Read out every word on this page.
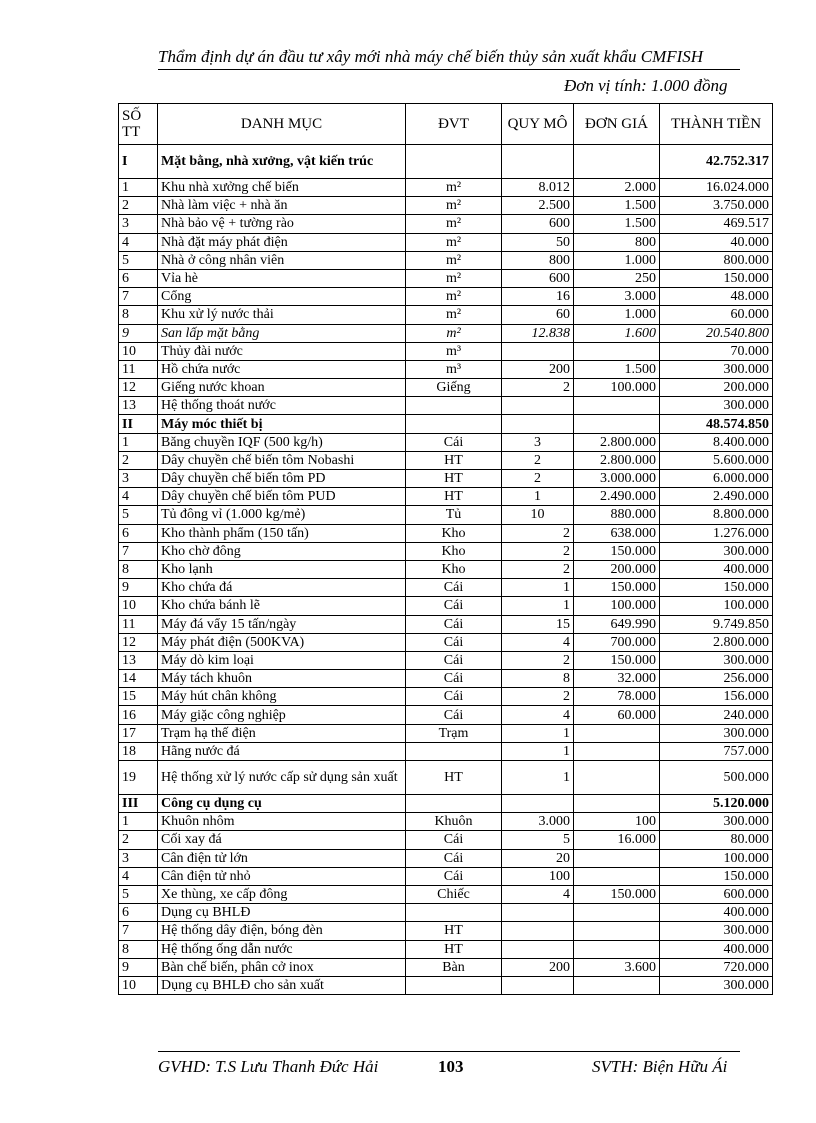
Thẩm định dự án đầu tư xây mới nhà máy chế biến thủy sản xuất khẩu CMFISH
Đơn vị tính: 1.000 đồng
SỐ TT	DANH MỤC	ĐVT	QUY MÔ	ĐƠN GIÁ	THÀNH TIỀN
I	Mặt bằng, nhà xưởng, vật kiến trúc				42.752.317
1	Khu nhà xưởng chế biến	m²	8.012	2.000	16.024.000
2	Nhà làm việc + nhà ăn	m²	2.500	1.500	3.750.000
3	Nhà bảo vệ + tường rào	m²	600	1.500	469.517
4	Nhà đặt máy phát điện	m²	50	800	40.000
5	Nhà ở công nhân viên	m²	800	1.000	800.000
6	Vỉa hè	m²	600	250	150.000
7	Cổng	m²	16	3.000	48.000
8	Khu xử lý nước thải	m²	60	1.000	60.000
9	San lấp mặt bằng	m²	12.838	1.600	20.540.800
10	Thủy đài nước	m³			70.000
11	Hồ chứa nước	m³	200	1.500	300.000
12	Giếng nước khoan	Giếng	2	100.000	200.000
13	Hệ thống thoát nước				300.000
II	Máy móc thiết bị				48.574.850
1	Băng chuyền IQF (500 kg/h)	Cái	3	2.800.000	8.400.000
2	Dây chuyền chế biến tôm Nobashi	HT	2	2.800.000	5.600.000
3	Dây chuyền chế biến tôm PD	HT	2	3.000.000	6.000.000
4	Dây chuyền chế biến tôm PUD	HT	1	2.490.000	2.490.000
5	Tủ đông vỉ (1.000 kg/mẻ)	Tủ	10	880.000	8.800.000
6	Kho thành phẩm (150 tấn)	Kho	2	638.000	1.276.000
7	Kho chờ đông	Kho	2	150.000	300.000
8	Kho lạnh	Kho	2	200.000	400.000
9	Kho chứa đá	Cái	1	150.000	150.000
10	Kho chứa bánh lẽ	Cái	1	100.000	100.000
11	Máy đá vẩy 15 tấn/ngày	Cái	15	649.990	9.749.850
12	Máy phát điện (500KVA)	Cái	4	700.000	2.800.000
13	Máy dò kim loại	Cái	2	150.000	300.000
14	Máy tách khuôn	Cái	8	32.000	256.000
15	Máy hút chân không	Cái	2	78.000	156.000
16	Máy giặc công nghiệp	Cái	4	60.000	240.000
17	Trạm hạ thế điện	Trạm	1		300.000
18	Hãng nước đá		1		757.000
19	Hệ thống xử lý nước cấp sử dụng sản xuất	HT	1		500.000
III	Công cụ dụng cụ				5.120.000
1	Khuôn nhôm	Khuôn	3.000	100	300.000
2	Cối xay đá	Cái	5	16.000	80.000
3	Cân điện tử lớn	Cái	20		100.000
4	Cân điện tử nhỏ	Cái	100		150.000
5	Xe thùng, xe cấp đông	Chiếc	4	150.000	600.000
6	Dụng cụ BHLĐ				400.000
7	Hệ thống dây điện, bóng đèn	HT			300.000
8	Hệ thống ống dẫn nước	HT			400.000
9	Bàn chế biến, phân cở inox	Bàn	200	3.600	720.000
10	Dụng cụ BHLĐ cho sản xuất				300.000
GVHD: T.S Lưu Thanh Đức Hải	103	SVTH: Biện Hữu Ái
